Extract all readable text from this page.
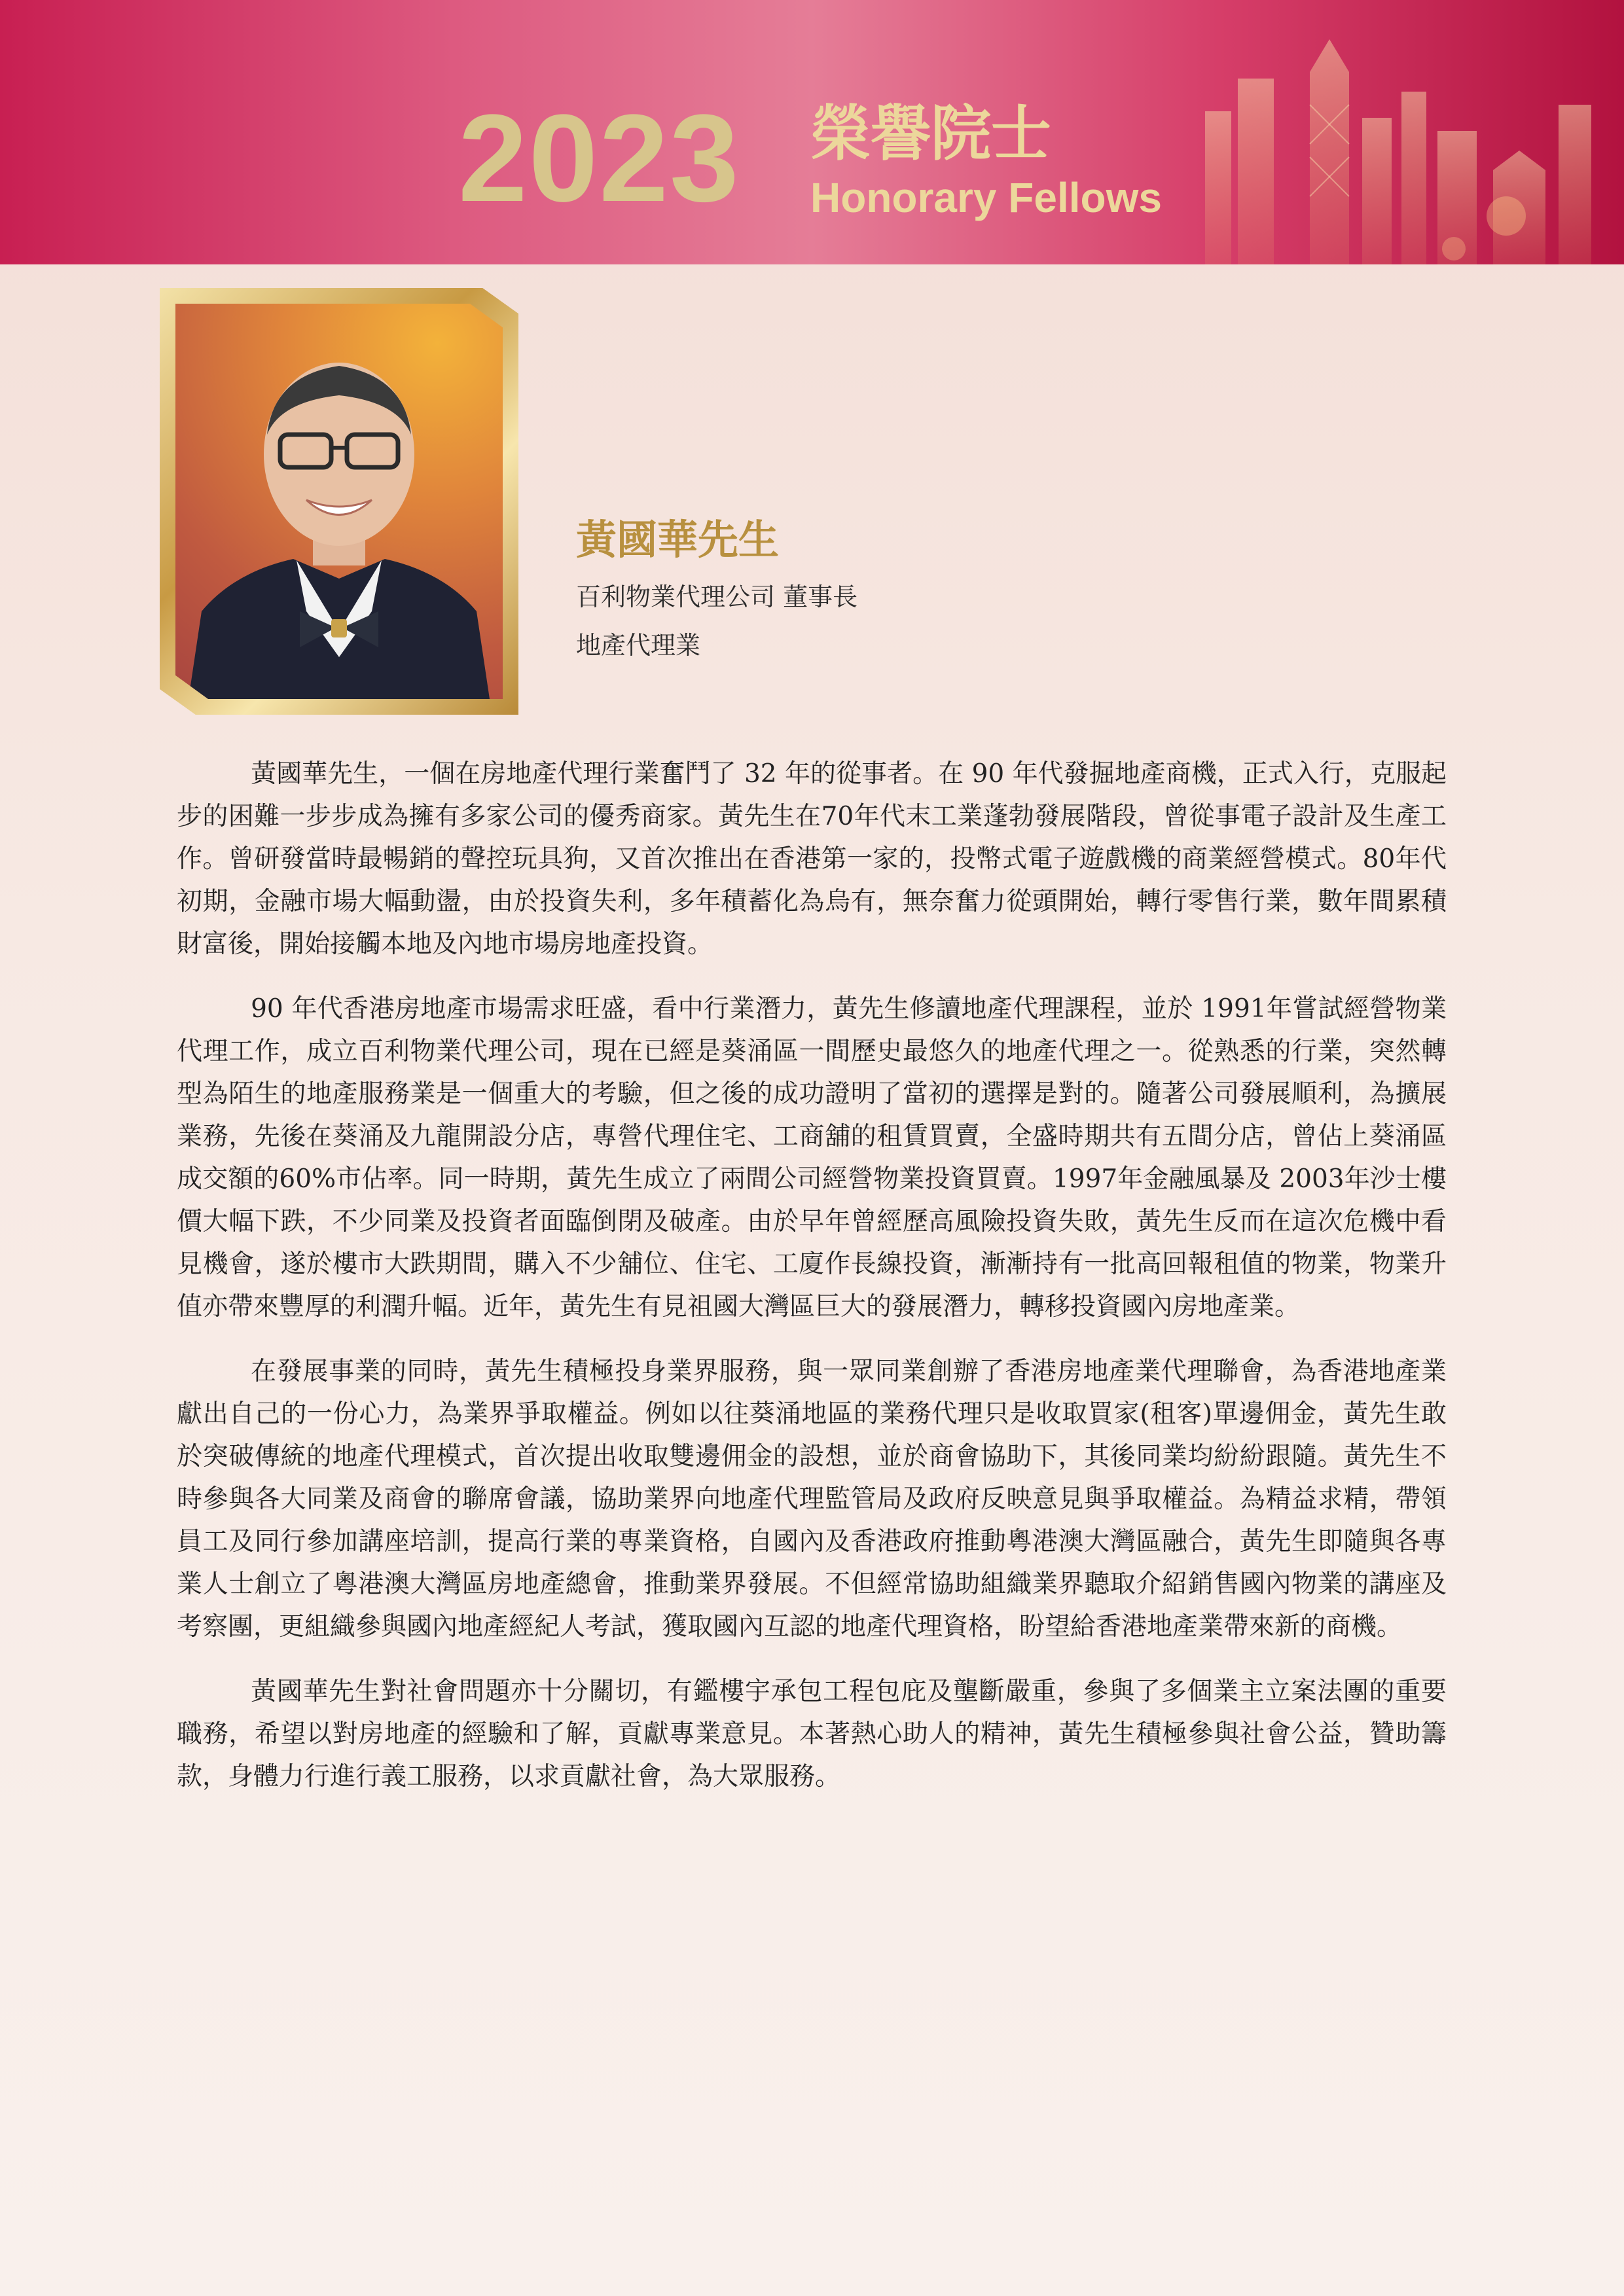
2023 榮譽院士
Honorary Fellows
黃國華先生
百利物業代理公司 董事長
地產代理業

黃國華先生，一個在房地產代理行業奮鬥了 32 年的從事者。在 90 年代發掘地產商機，正式入行，克服起步的困難一步步成為擁有多家公司的優秀商家。黃先生在70年代末工業蓬勃發展階段，曾從事電子設計及生產工作。曾研發當時最暢銷的聲控玩具狗，又首次推出在香港第一家的，投幣式電子遊戲機的商業經營模式。80年代初期，金融市場大幅動盪，由於投資失利，多年積蓄化為烏有，無奈奮力從頭開始，轉行零售行業，數年間累積財富後，開始接觸本地及內地市場房地產投資。

90 年代香港房地產市場需求旺盛，看中行業潛力，黃先生修讀地產代理課程，並於 1991年嘗試經營物業代理工作，成立百利物業代理公司，現在已經是葵涌區一間歷史最悠久的地產代理之一。從熟悉的行業，突然轉型為陌生的地產服務業是一個重大的考驗，但之後的成功證明了當初的選擇是對的。隨著公司發展順利，為擴展業務，先後在葵涌及九龍開設分店，專營代理住宅、工商舖的租賃買賣，全盛時期共有五間分店，曾佔上葵涌區成交額的60%市佔率。同一時期，黃先生成立了兩間公司經營物業投資買賣。1997年金融風暴及 2003年沙士樓價大幅下跌，不少同業及投資者面臨倒閉及破產。由於早年曾經歷高風險投資失敗，黃先生反而在這次危機中看見機會，遂於樓市大跌期間，購入不少舖位、住宅、工廈作長線投資，漸漸持有一批高回報租值的物業，物業升值亦帶來豐厚的利潤升幅。近年，黃先生有見祖國大灣區巨大的發展潛力，轉移投資國內房地產業。

在發展事業的同時，黃先生積極投身業界服務，與一眾同業創辦了香港房地產業代理聯會，為香港地產業獻出自己的一份心力，為業界爭取權益。例如以往葵涌地區的業務代理只是收取買家(租客)單邊佣金，黃先生敢於突破傳統的地產代理模式，首次提出收取雙邊佣金的設想，並於商會協助下，其後同業均紛紛跟隨。黃先生不時參與各大同業及商會的聯席會議，協助業界向地產代理監管局及政府反映意見與爭取權益。為精益求精，帶領員工及同行參加講座培訓，提高行業的專業資格，自國內及香港政府推動粵港澳大灣區融合，黃先生即隨與各專業人士創立了粵港澳大灣區房地產總會，推動業界發展。不但經常協助組織業界聽取介紹銷售國內物業的講座及考察團，更組織參與國內地產經紀人考試，獲取國內互認的地產代理資格，盼望給香港地產業帶來新的商機。

黃國華先生對社會問題亦十分關切，有鑑樓宇承包工程包庇及壟斷嚴重，參與了多個業主立案法團的重要職務，希望以對房地產的經驗和了解，貢獻專業意見。本著熱心助人的精神，黃先生積極參與社會公益，贊助籌款，身體力行進行義工服務，以求貢獻社會，為大眾服務。
